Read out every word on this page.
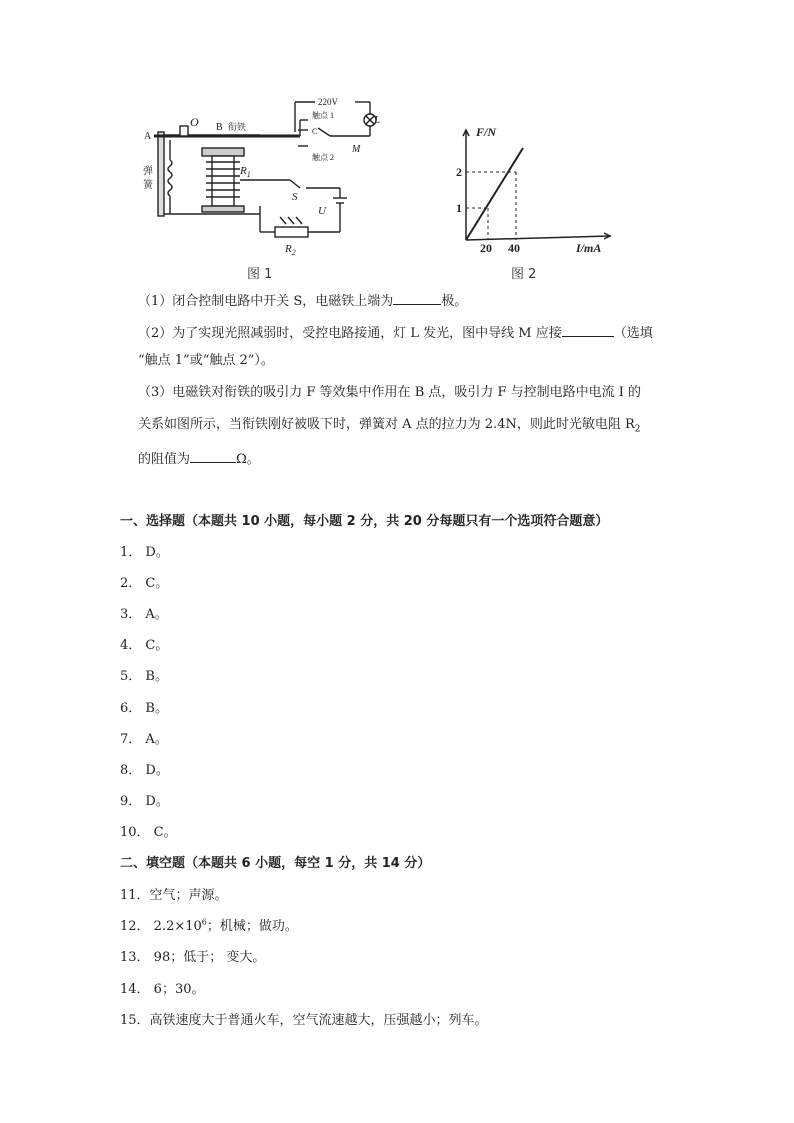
A
O B 衔铁
弹
簧
220V
触点 1
C
触点 2
L
M
$R_1$
S
U
$R_2$
F/N
I/mA
1
2
20 40
图 1	图 2
（1）闭合控制电路中开关 S，电磁铁上端为	极。
（2）为了实现光照减弱时，受控电路接通，灯 L 发光，图中导线 M 应接	（选填
“触点 1”或“触点 2”）。
（3）电磁铁对衔铁的吸引力 F 等效集中作用在 B 点，吸引力 F 与控制电路中电流 I 的
关系如图所示，当衔铁刚好被吸下时，弹簧对 A 点的拉力为 2.4N，则此时光敏电阻 $R_2$
的阻值为	Ω。
一、选择题（本题共 10 小题，每小题 2 分，共 20 分每题只有一个选项符合题意）
1． D。
2． C。
3． A。
4． C。
5． B。
6． B。
7． A。
8． D。
9． D。
10． C。
二、填空题（本题共 6 小题，每空 1 分，共 14 分）
11．空气；声源。
12． $2.2\times 10^6$；机械；做功。
13． 98；低于； 变大。
14． 6；30。
15．高铁速度大于普通火车，空气流速越大，压强越小；列车。
